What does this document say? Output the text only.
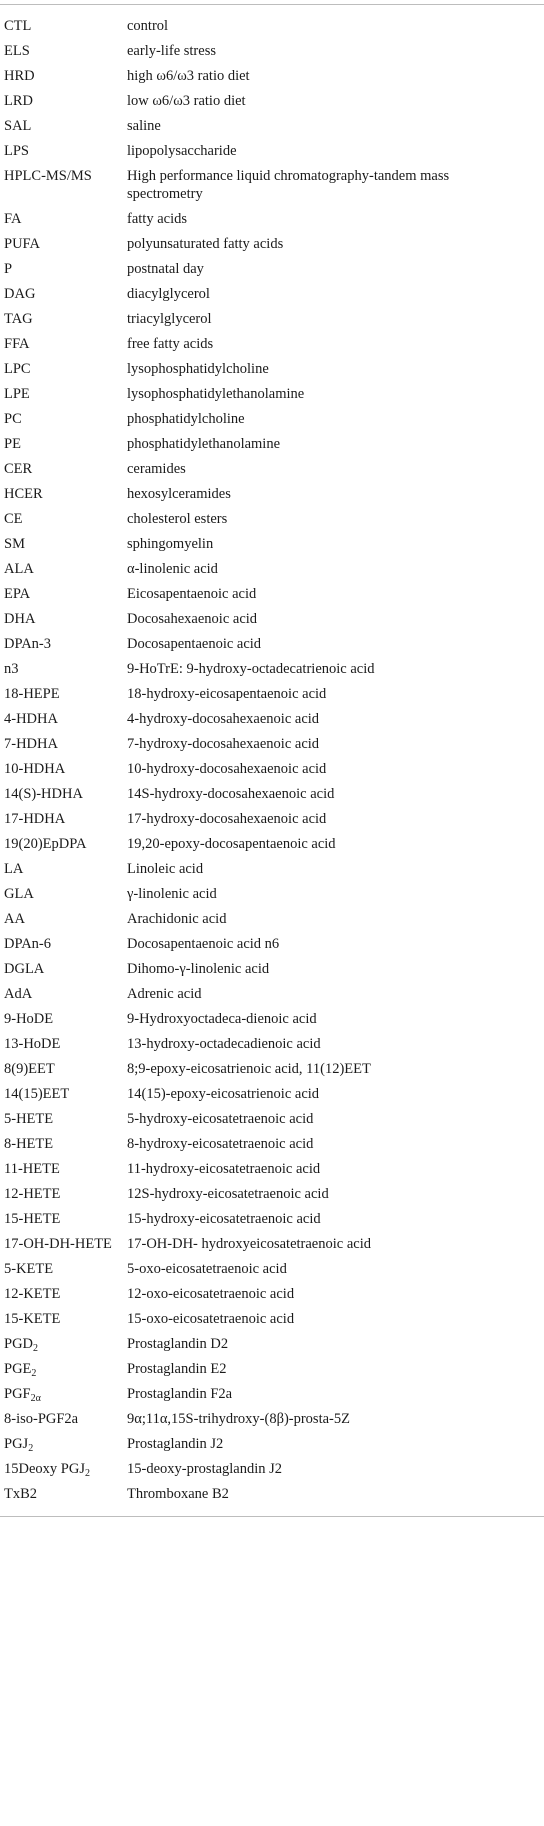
CTL	control
ELS	early-life stress
HRD	high ω6/ω3 ratio diet
LRD	low ω6/ω3 ratio diet
SAL	saline
LPS	lipopolysaccharide
HPLC-MS/MS	High performance liquid chromatography-tandem mass spectrometry
FA	fatty acids
PUFA	polyunsaturated fatty acids
P	postnatal day
DAG	diacylglycerol
TAG	triacylglycerol
FFA	free fatty acids
LPC	lysophosphatidylcholine
LPE	lysophosphatidylethanolamine
PC	phosphatidylcholine
PE	phosphatidylethanolamine
CER	ceramides
HCER	hexosylceramides
CE	cholesterol esters
SM	sphingomyelin
ALA	α-linolenic acid
EPA	Eicosapentaenoic acid
DHA	Docosahexaenoic acid
DPAn-3	Docosapentaenoic acid
n3	9-HoTrE: 9-hydroxy-octadecatrienoic acid
18-HEPE	18-hydroxy-eicosapentaenoic acid
4-HDHA	4-hydroxy-docosahexaenoic acid
7-HDHA	7-hydroxy-docosahexaenoic acid
10-HDHA	10-hydroxy-docosahexaenoic acid
14(S)-HDHA	14S-hydroxy-docosahexaenoic acid
17-HDHA	17-hydroxy-docosahexaenoic acid
19(20)EpDPA	19,20-epoxy-docosapentaenoic acid
LA	Linoleic acid
GLA	γ-linolenic acid
AA	Arachidonic acid
DPAn-6	Docosapentaenoic acid n6
DGLA	Dihomo-γ-linolenic acid
AdA	Adrenic acid
9-HoDE	9-Hydroxyoctadeca-dienoic acid
13-HoDE	13-hydroxy-octadecadienoic acid
8(9)EET	8;9-epoxy-eicosatrienoic acid, 11(12)EET
14(15)EET	14(15)-epoxy-eicosatrienoic acid
5-HETE	5-hydroxy-eicosatetraenoic acid
8-HETE	8-hydroxy-eicosatetraenoic acid
11-HETE	11-hydroxy-eicosatetraenoic acid
12-HETE	12S-hydroxy-eicosatetraenoic acid
15-HETE	15-hydroxy-eicosatetraenoic acid
17-OH-DH-HETE	17-OH-DH- hydroxyeicosatetraenoic acid
5-KETE	5-oxo-eicosatetraenoic acid
12-KETE	12-oxo-eicosatetraenoic acid
15-KETE	15-oxo-eicosatetraenoic acid
$PGD_2$	Prostaglandin D2
$PGE_2$	Prostaglandin E2
$PGF_{2\alpha}$	Prostaglandin F2a
8-iso-PGF2a	9α;11α,15S-trihydroxy-(8β)-prosta-5Z
$PGJ_2$	Prostaglandin J2
15Deoxy $PGJ_2$	15-deoxy-prostaglandin J2
TxB2	Thromboxane B2
